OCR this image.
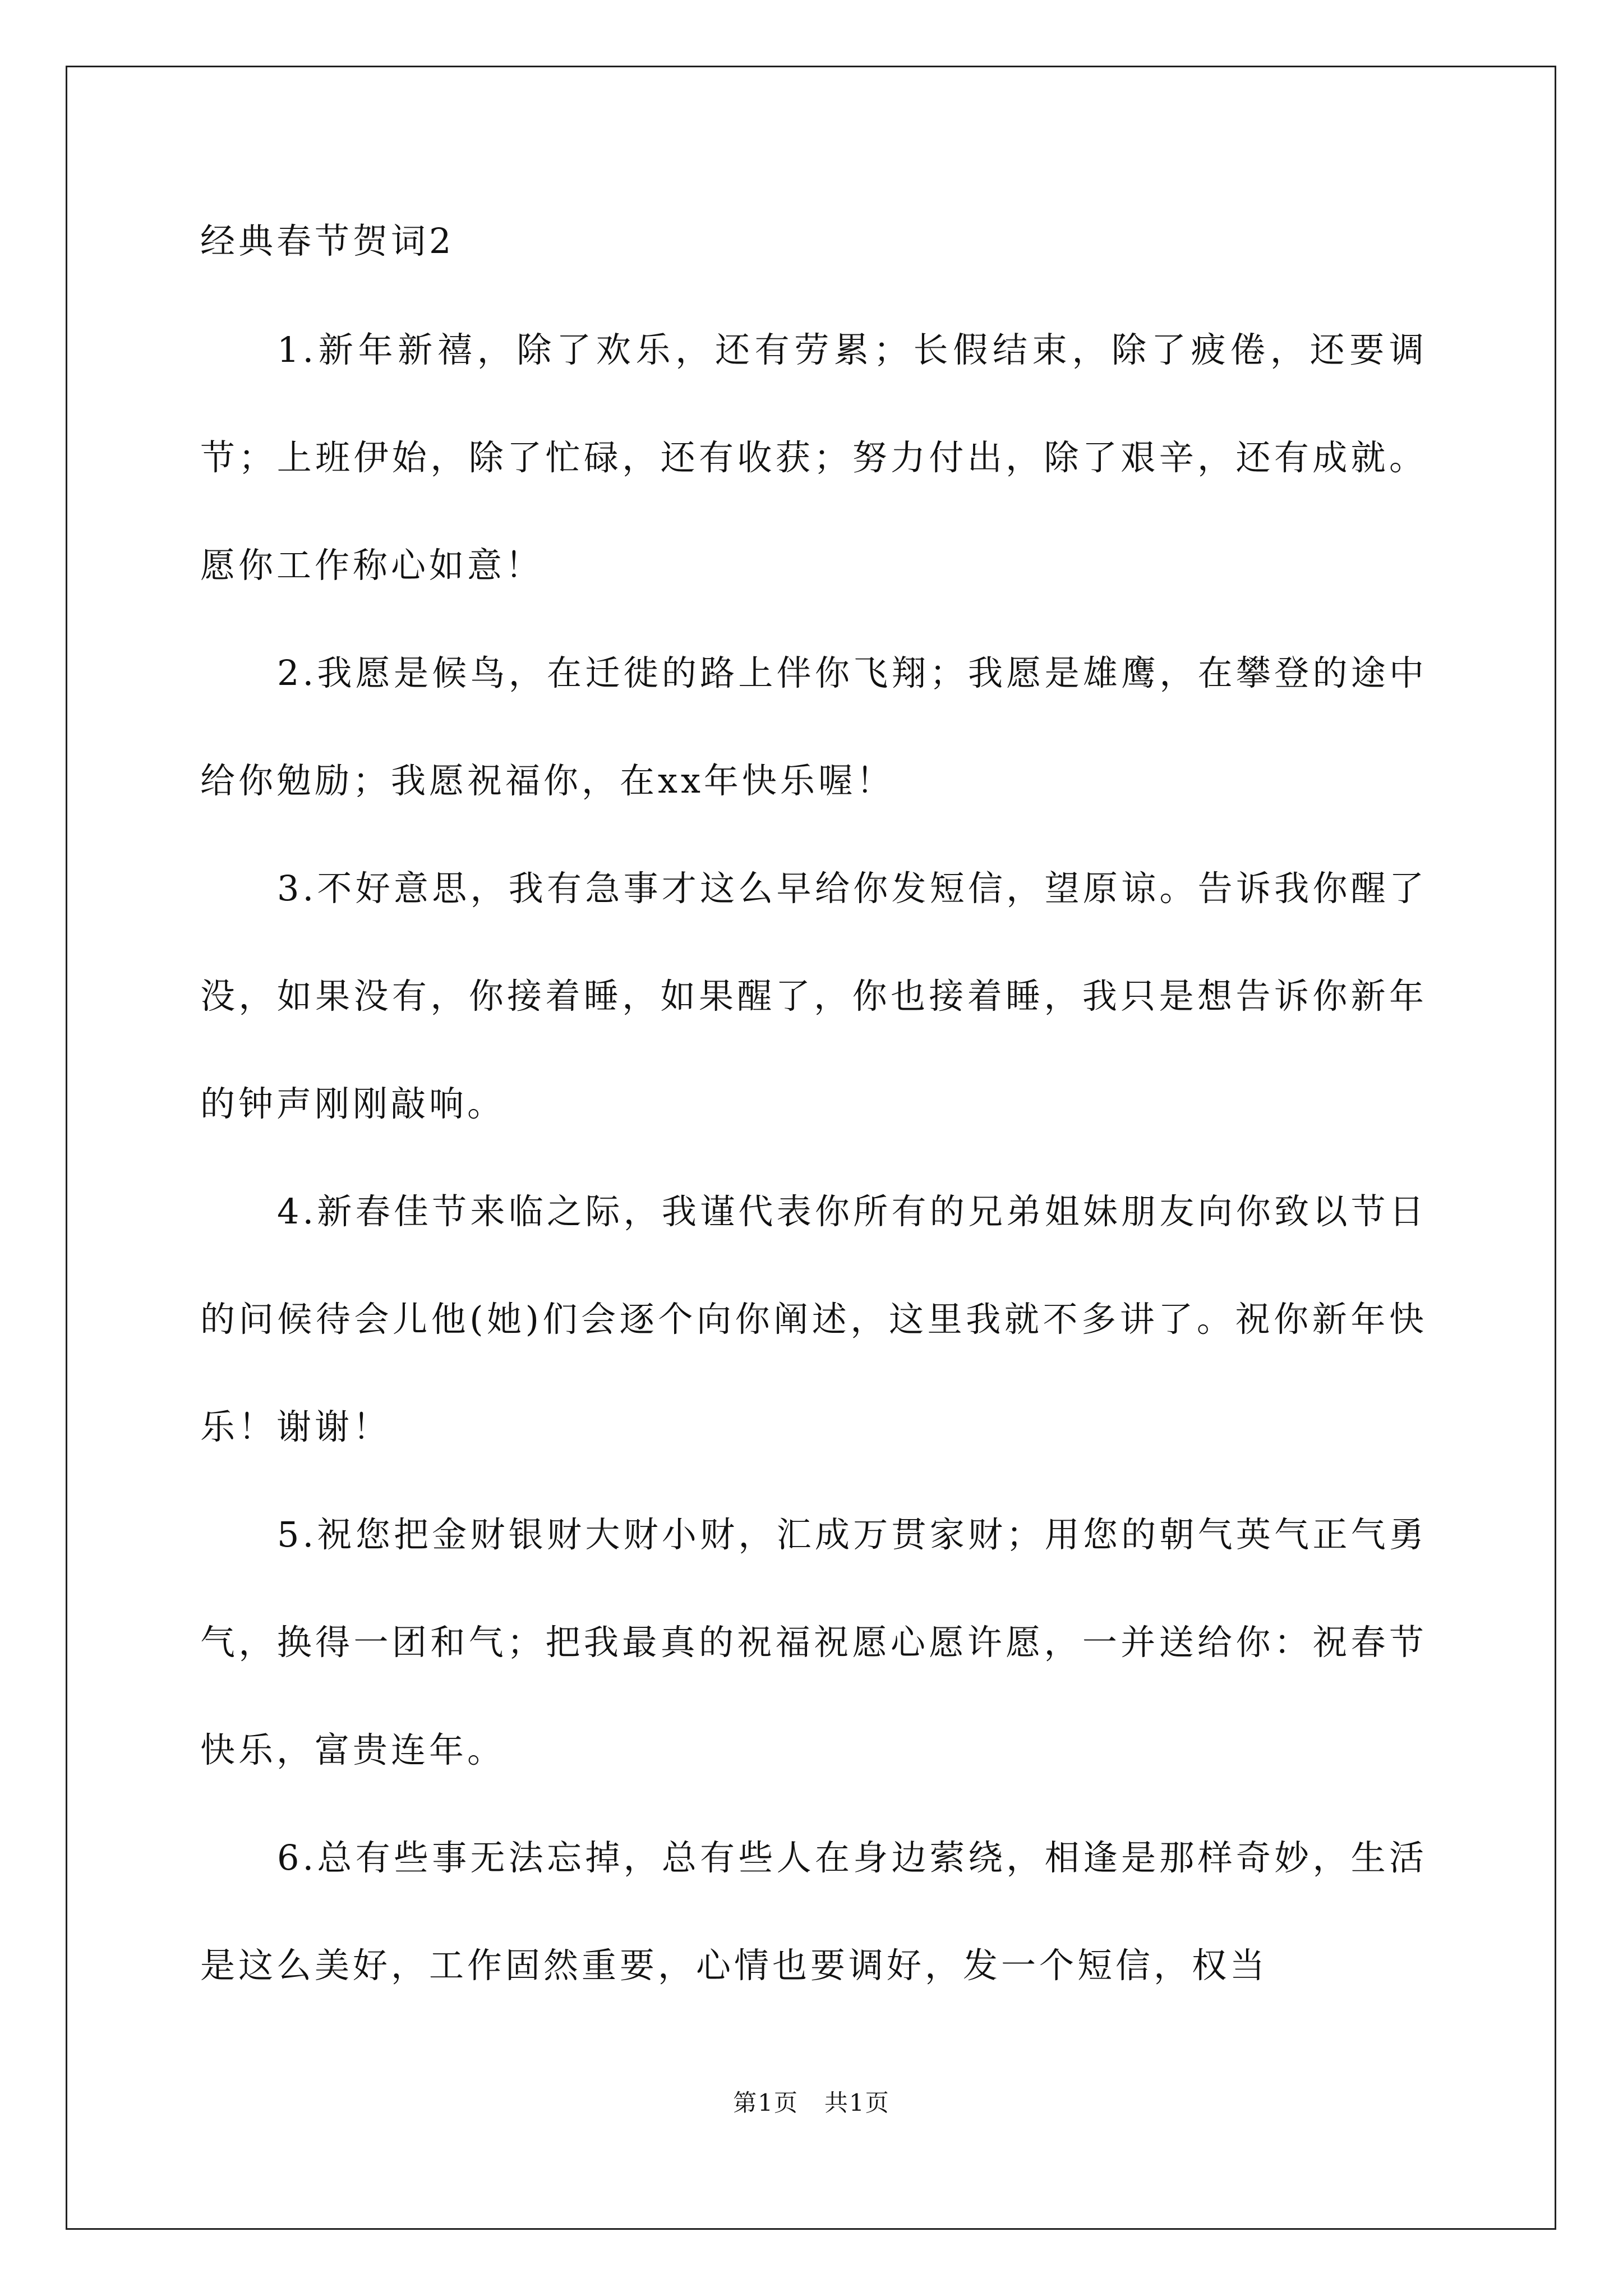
经典春节贺词2

1.新年新禧，除了欢乐，还有劳累；长假结束，除了疲倦，还要调节；上班伊始，除了忙碌，还有收获；努力付出，除了艰辛，还有成就。愿你工作称心如意！

2.我愿是候鸟，在迁徙的路上伴你飞翔；我愿是雄鹰，在攀登的途中给你勉励；我愿祝福你，在xx年快乐喔！

3.不好意思，我有急事才这么早给你发短信，望原谅。告诉我你醒了没，如果没有，你接着睡，如果醒了，你也接着睡，我只是想告诉你新年的钟声刚刚敲响。

4.新春佳节来临之际，我谨代表你所有的兄弟姐妹朋友向你致以节日的问候待会儿他(她)们会逐个向你阐述，这里我就不多讲了。祝你新年快乐！谢谢！

5.祝您把金财银财大财小财，汇成万贯家财；用您的朝气英气正气勇气，换得一团和气；把我最真的祝福祝愿心愿许愿，一并送给你：祝春节快乐，富贵连年。

6.总有些事无法忘掉，总有些人在身边萦绕，相逢是那样奇妙，生活是这么美好，工作固然重要，心情也要调好，发一个短信，权当

第1页   共1页
